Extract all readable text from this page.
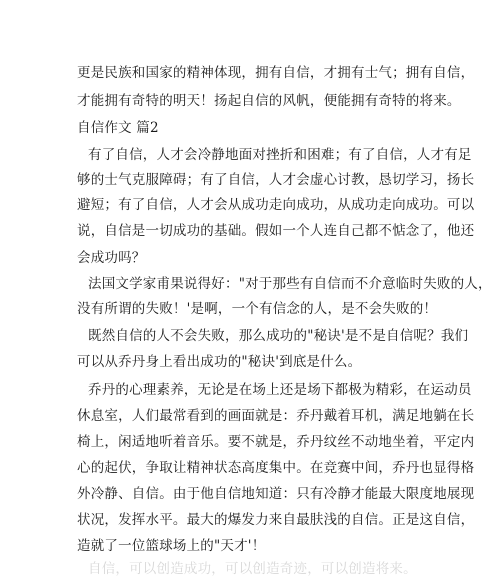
更是民族和国家的精神体现，拥有自信，才拥有士气；拥有自信，
才能拥有奇特的明天！扬起自信的风帆，便能拥有奇特的将来。
自信作文 篇2
有了自信，人才会冷静地面对挫折和困难；有了自信，人才有足
够的士气克服障碍；有了自信，人才会虚心讨教，恳切学习，扬长
避短；有了自信，人才会从成功走向成功，从成功走向成功。可以
说，自信是一切成功的基础。假如一个人连自己都不惦念了，他还
会成功吗？
法国文学家甫果说得好："对于那些有自信而不介意临时失败的人，
没有所谓的失败！'是啊，一个有信念的人，是不会失败的！
既然自信的人不会失败，那么成功的"秘诀'是不是自信呢？我们
可以从乔丹身上看出成功的"秘诀'到底是什么。
乔丹的心理素养，无论是在场上还是场下都极为精彩，在运动员
休息室，人们最常看到的画面就是：乔丹戴着耳机，满足地躺在长
椅上，闲适地听着音乐。要不就是，乔丹纹丝不动地坐着，平定内
心的起伏，争取让精神状态高度集中。在竞赛中间，乔丹也显得格
外冷静、自信。由于他自信地知道：只有冷静才能最大限度地展现
状况，发挥水平。最大的爆发力来自最肤浅的自信。正是这自信，
造就了一位篮球场上的"天才'！
自信，可以创造成功，可以创造奇迹，可以创造将来。
